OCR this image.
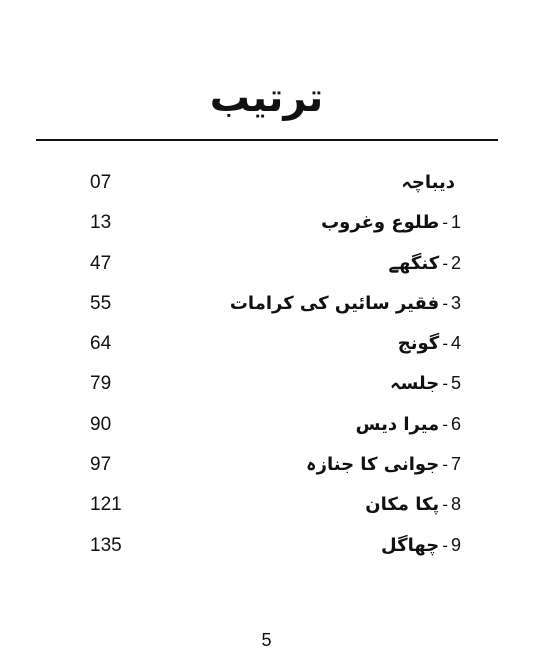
ترتیب
07	دیباچہ
13	1-طلوع وغروب
47	2-کنگھے
55	3-فقیر سائیں کی کرامات
64	4-گونج
79	5-جلسہ
90	6-میرا دیس
97	7-جوانی کا جنازہ
121	8-پکا مکان
135	9-چھاگل
5
